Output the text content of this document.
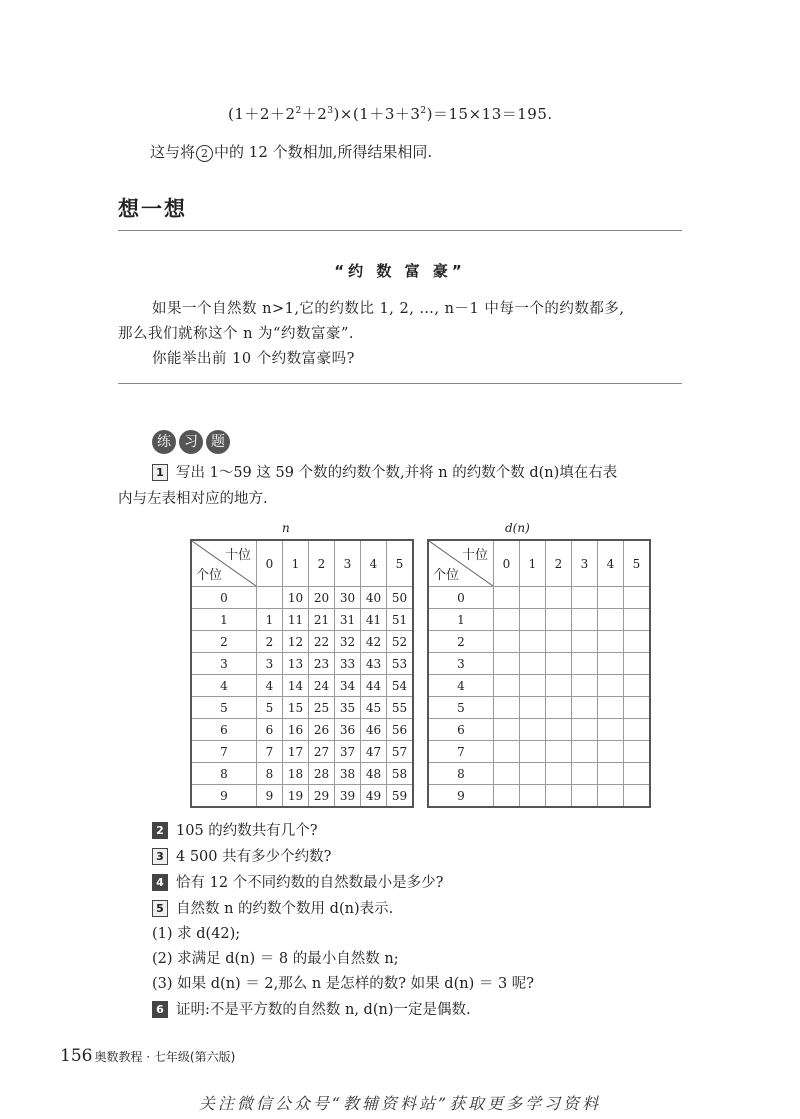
$(1+2+2^2+2^3)\times(1+3+3^2)=15\times 13=195$.
这与将 2 中的 12 个数相加,所得结果相同.
想一想
“约 数 富 豪”
如果一个自然数 n>1,它的约数比 1, 2, …, n－1 中每一个的约数都多,
那么我们就称这个 n 为“约数富豪”.
你能举出前 10 个约数富豪吗?
练 习 题
1 写出 1～59 这 59 个数的约数个数,并将 n 的约数个数 d(n)填在右表
内与左表相对应的地方.
n	d(n)
十位
个位	0	1	2	3	4	5
0		10	20	30	40	50
1	1	11	21	31	41	51
2	2	12	22	32	42	52
3	3	13	23	33	43	53
4	4	14	24	34	44	54
5	5	15	25	35	45	55
6	6	16	26	36	46	56
7	7	17	27	37	47	57
8	8	18	28	38	48	58
9	9	19	29	39	49	59
十位
个位	0	1	2	3	4	5
0						
1						
2						
3						
4						
5						
6						
7						
8						
9						
2 105 的约数共有几个?
3 4 500 共有多少个约数?
4 恰有 12 个不同约数的自然数最小是多少?
5 自然数 n 的约数个数用 d(n)表示.
(1) 求 d(42);
(2) 求满足 d(n) ＝ 8 的最小自然数 n;
(3) 如果 d(n) ＝ 2,那么 n 是怎样的数? 如果 d(n) ＝ 3 呢?
6 证明:不是平方数的自然数 n, d(n)一定是偶数.
156 奥数教程 · 七年级(第六版)
关注微信公众号“教辅资料站”获取更多学习资料
